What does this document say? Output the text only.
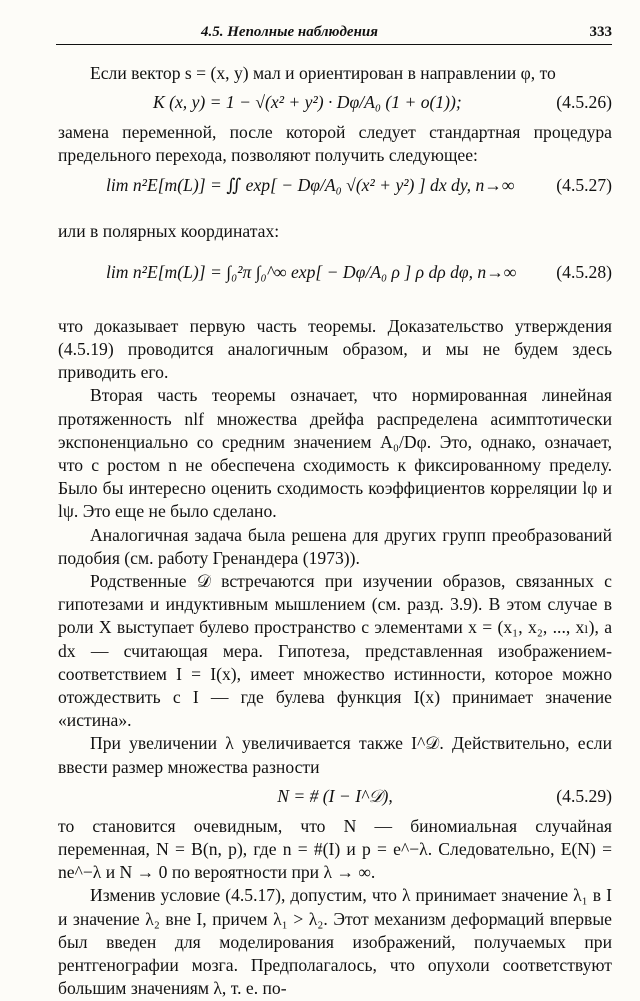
4.5. Неполные наблюдения	333

Если вектор s = (x, y) мал и ориентирован в направлении φ, то

K (x, y) = 1 − √(x² + y²) · Dφ/A₀ (1 + o(1));	(4.5.26)

замена переменной, после которой следует стандартная процедура предельного перехода, позволяют получить следующее:

lim n²E[m(L)] = ∬ exp[ − Dφ/A₀ √(x² + y²) ] dx dy, n→∞ (4.5.27)

или в полярных координатах:

lim n²E[m(L)] = ∫₀²π ∫₀^∞ exp[ − Dφ/A₀ ρ ] ρ dρ dφ, n→∞ (4.5.28)

что доказывает первую часть теоремы. Доказательство утверждения (4.5.19) проводится аналогичным образом, и мы не будем здесь приводить его.

Вторая часть теоремы означает, что нормированная линейная протяженность nlf множества дрейфа распределена асимптотически экспоненциально со средним значением A₀/Dφ. Это, однако, означает, что с ростом n не обеспечена сходимость к фиксированному пределу. Было бы интересно оценить сходимость коэффициентов корреляции lφ и lψ. Это еще не было сделано.

Аналогичная задача была решена для других групп преобразований подобия (см. работу Гренандера (1973)).

Родственные 𝒟 встречаются при изучении образов, связанных с гипотезами и индуктивным мышлением (см. разд. 3.9). В этом случае в роли X выступает булево пространство с элементами x = (x₁, x₂, ..., xₗ), а dx — считающая мера. Гипотеза, представленная изображением-соответствием I = I(x), имеет множество истинности, которое можно отождествить с I — где булева функция I(x) принимает значение «истина».

При увеличении λ увеличивается также I^𝒟. Действительно, если ввести размер множества разности

N = # (I − I^𝒟),	(4.5.29)

то становится очевидным, что N — биномиальная случайная переменная, N = B(n, p), где n = #(I) и p = e^−λ. Следовательно, E(N) = ne^−λ и N → 0 по вероятности при λ → ∞.

Изменив условие (4.5.17), допустим, что λ принимает значение λ₁ в I и значение λ₂ вне I, причем λ₁ > λ₂. Этот механизм деформаций впервые был введен для моделирования изображений, получаемых при рентгенографии мозга. Предполагалось, что опухоли соответствуют большим значениям λ, т. е. по-
